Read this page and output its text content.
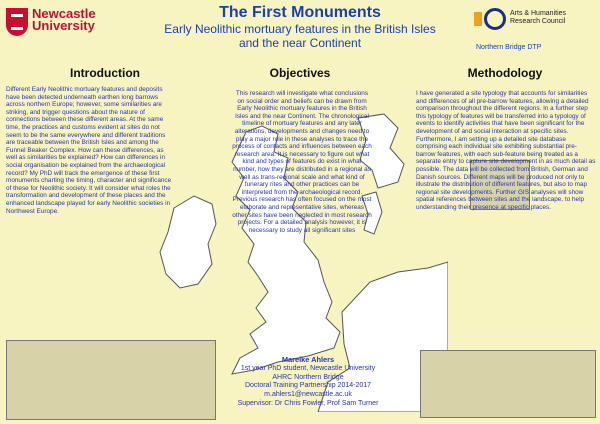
Newcastle
University
The First Monuments
Early Neolithic mortuary features in the British Isles
and the near Continent
Arts & Humanities
Research Council
Northern Bridge DTP
Introduction
Different Early Neolithic mortuary features and deposits have been detected underneath earthen long barrows across northern Europe; however, some similarities are striking, and trigger questions about the nature of connections between these different areas. At the same time, the practices and customs evident at sites do not seem to be the same everywhere and different traditions are traceable between the British Isles and among the Funnel Beaker Complex. How can these differences, as well as similarities be explained? How can differences in social organisation be explained from the archaeological record? My PhD will track the emergence of these first monuments charting the timing, character and significance of these for Neolithic society. It will consider what roles the transformation and development of these places and the enhanced landscape played for early Neolithic societies in Northwest Europe.
Objectives
This research will investigate what conclusions on social order and beliefs can be drawn from Early Neolithic mortuary features in the British Isles and the near Continent. The chronological timeline of mortuary features and any later alterations, developments and changes need to play a major role in these analyses to trace the process of contacts and influences between each research area. It is necessary to figure out what kind and types of features do exist in what number, how they are distributed in a regional as well as trans-regional scale and what kind of funerary rites and other practices can be interpreted from the archaeological record. Previous research has often focused on the most elaborate and representative sites, whereas other sites have been neglected in most research projects. For a detailed analysis however, it is necessary to study all significant sites
Methodology
I have generated a site typology that accounts for similarities and differences of all pre-barrow features, allowing a detailed comparison throughout the different regions. In a further step this typology of features will be transferred into a typology of events to identify activities that have been significant for the development of and social interaction at specific sites. Furthermore, I am setting up a detailed site database comprising each individual site exhibiting substantial pre-barrow features, with each sub-feature being treated as a separate entry to capture site development in as much detail as possible. The data will be collected from British, German and Danish sources. Different maps will be produced not only to illustrate the distribution of different features, but also to map regional site developments. Further GIS analyses will show spatial references between sites and the landscape, to help understanding their presence at specific places.
Mareike Ahlers
1st year PhD student, Newcastle University
AHRC Northern Bridge
Doctoral Training Partnership 2014-2017
m.ahlers1@newcastle.ac.uk
Supervisor: Dr Chris Fowler, Prof Sam Turner
